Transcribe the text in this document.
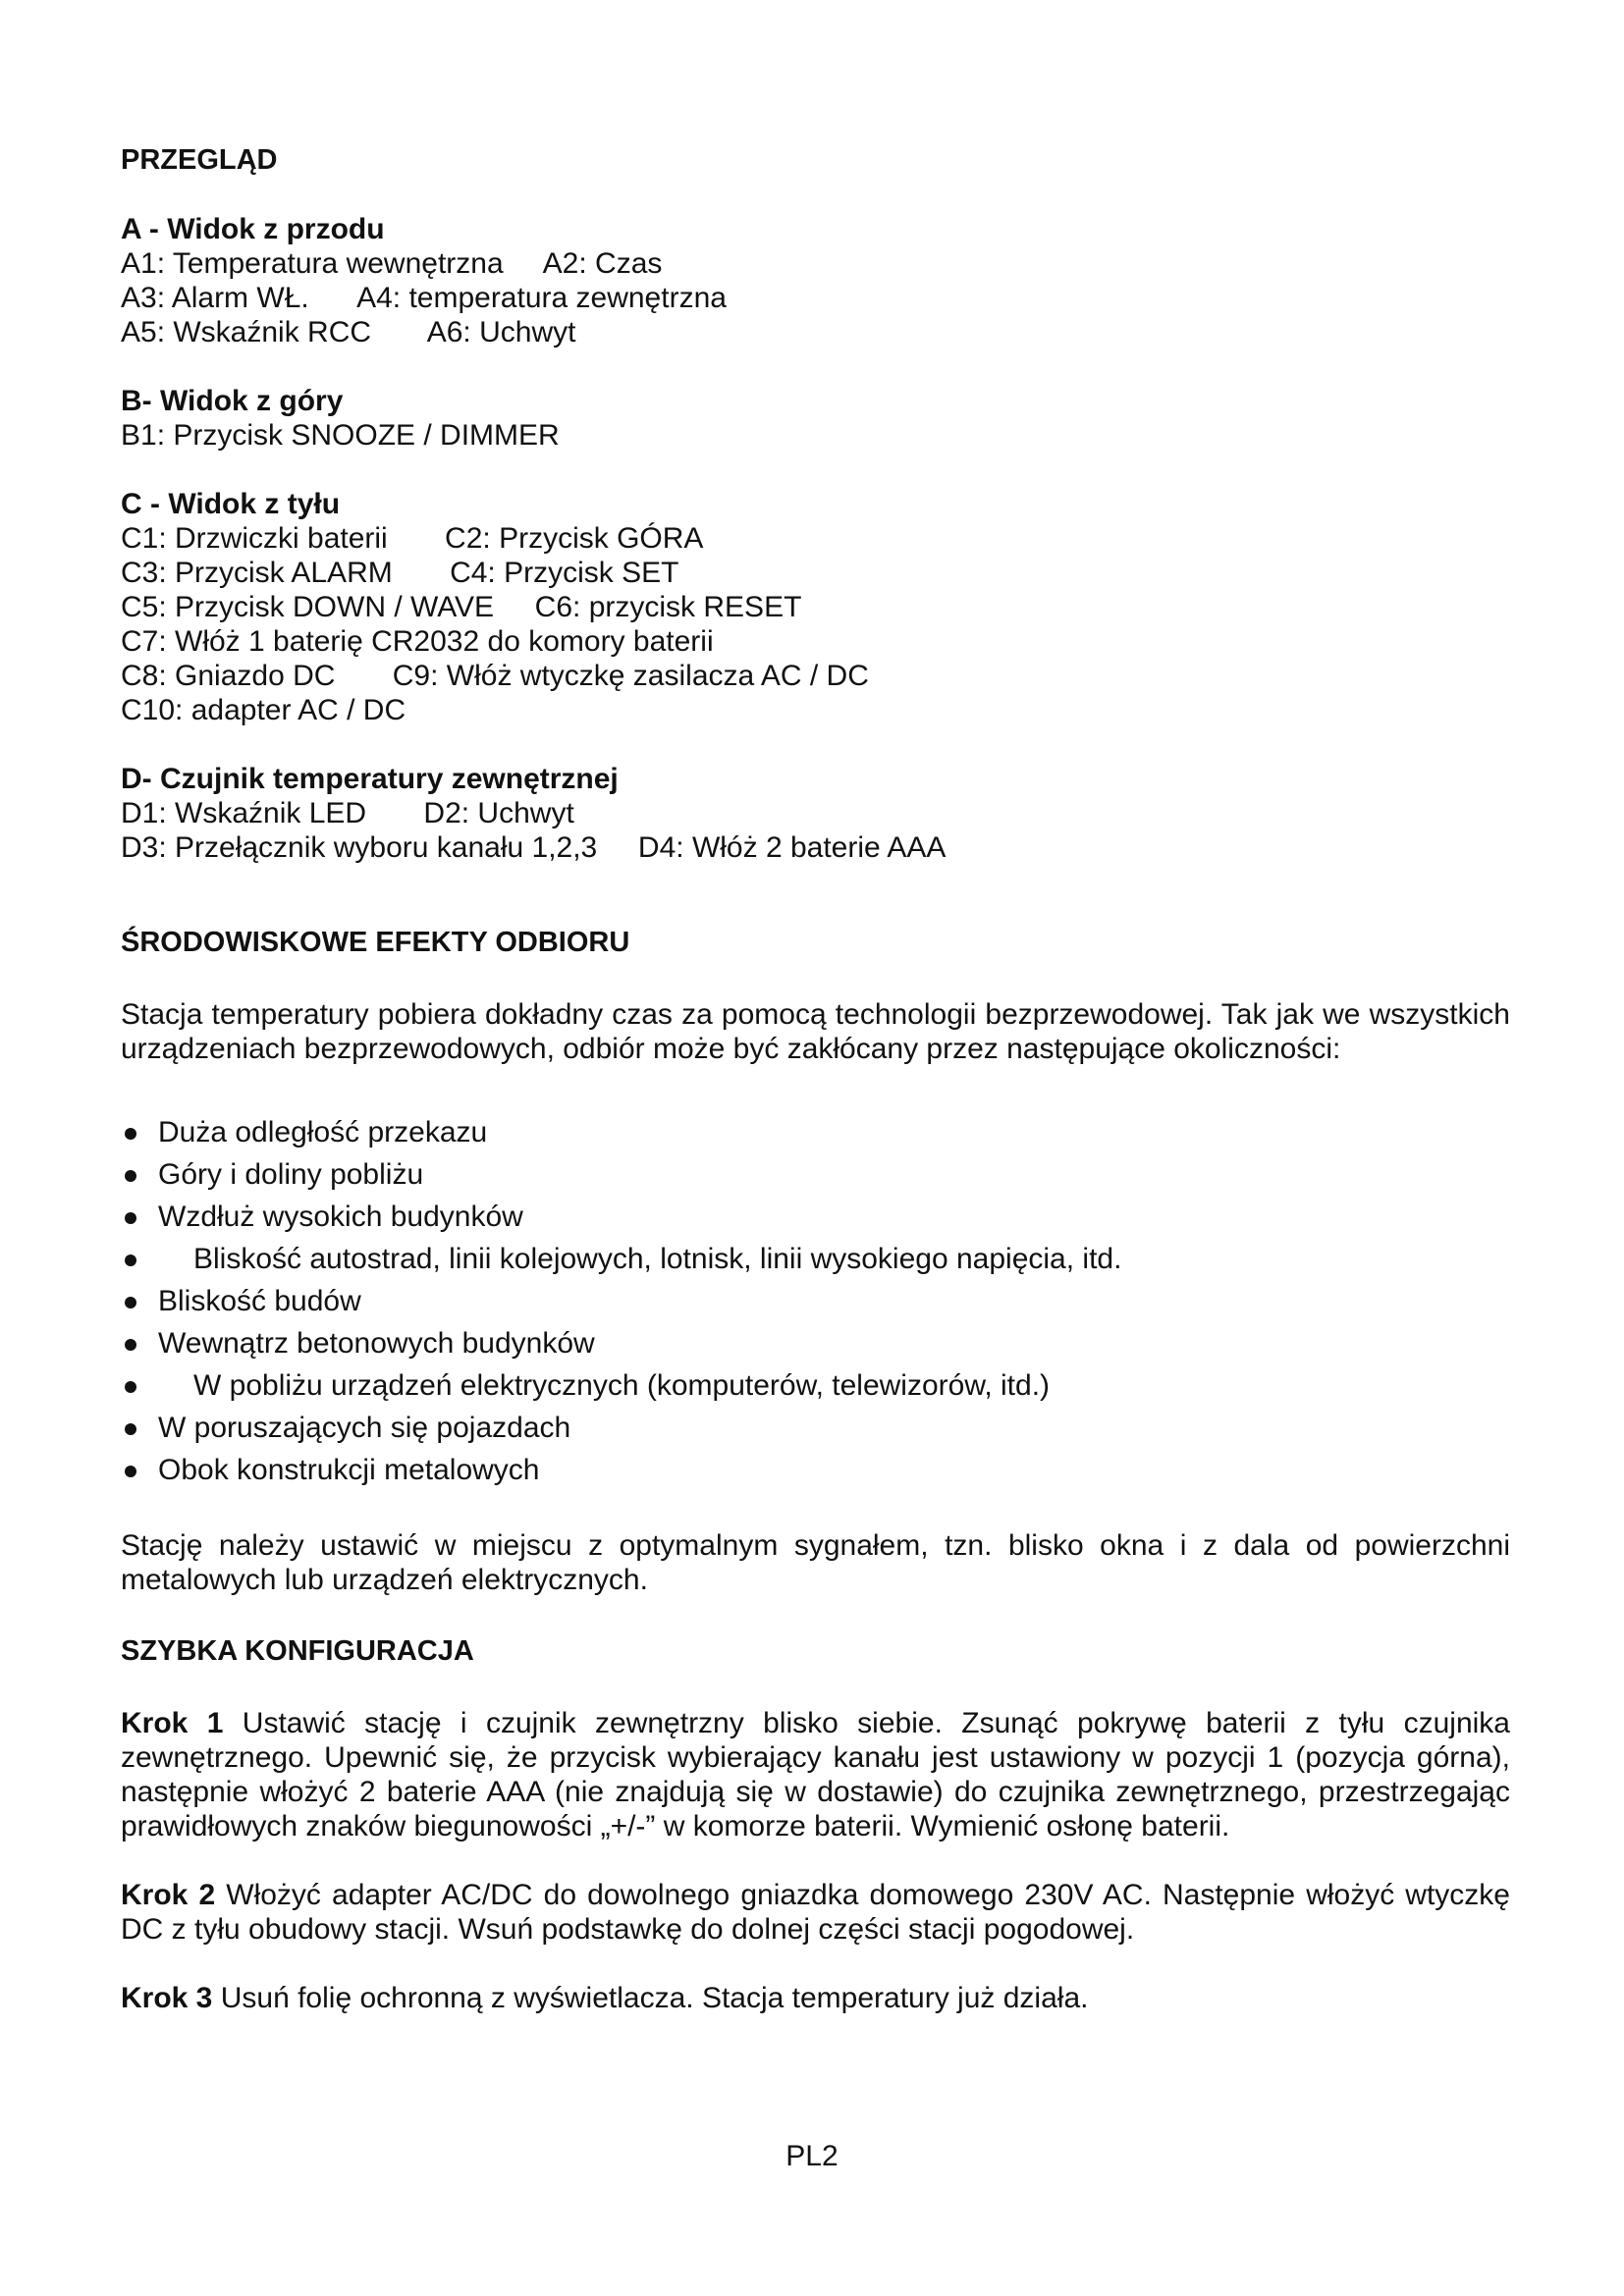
PRZEGLĄD

A - Widok z przodu

A1: Temperatura wewnętrzna     A2: Czas

A3: Alarm WŁ.      A4: temperatura zewnętrzna

A5: Wskaźnik RCC       A6: Uchwyt

B- Widok z góry

B1: Przycisk SNOOZE / DIMMER

C - Widok z tyłu

C1: Drzwiczki baterii       C2: Przycisk GÓRA

C3: Przycisk ALARM       C4: Przycisk SET

C5: Przycisk DOWN / WAVE     C6: przycisk RESET

C7: Włóż 1 baterię CR2032 do komory baterii

C8: Gniazdo DC       C9: Włóż wtyczkę zasilacza AC / DC

C10: adapter AC / DC

D- Czujnik temperatury zewnętrznej

D1: Wskaźnik LED       D2: Uchwyt

D3: Przełącznik wyboru kanału 1,2,3     D4: Włóż 2 baterie AAA

ŚRODOWISKOWE EFEKTY ODBIORU

Stacja temperatury pobiera dokładny czas za pomocą technologii bezprzewodowej. Tak jak we wszystkich urządzeniach bezprzewodowych, odbiór może być zakłócany przez następujące okoliczności:

Duża odległość przekazu
Góry i doliny pobliżu
Wzdłuż wysokich budynków
Bliskość autostrad, linii kolejowych, lotnisk, linii wysokiego napięcia, itd.
Bliskość budów
Wewnątrz betonowych budynków
W pobliżu urządzeń elektrycznych (komputerów, telewizorów, itd.)
W poruszających się pojazdach
Obok konstrukcji metalowych

Stację należy ustawić w miejscu z optymalnym sygnałem, tzn. blisko okna i z dala od powierzchni metalowych lub urządzeń elektrycznych.

SZYBKA KONFIGURACJA

Krok 1 Ustawić stację i czujnik zewnętrzny blisko siebie. Zsunąć pokrywę baterii z tyłu czujnika zewnętrznego. Upewnić się, że przycisk wybierający kanału jest ustawiony w pozycji 1 (pozycja górna), następnie włożyć 2 baterie AAA (nie znajdują się w dostawie) do czujnika zewnętrznego, przestrzegając prawidłowych znaków biegunowości „+/-” w komorze baterii. Wymienić osłonę baterii.

Krok 2 Włożyć adapter AC/DC do dowolnego gniazdka domowego 230V AC. Następnie włożyć wtyczkę DC z tyłu obudowy stacji. Wsuń podstawkę do dolnej części stacji pogodowej.

Krok 3 Usuń folię ochronną z wyświetlacza. Stacja temperatury już działa.

PL2
